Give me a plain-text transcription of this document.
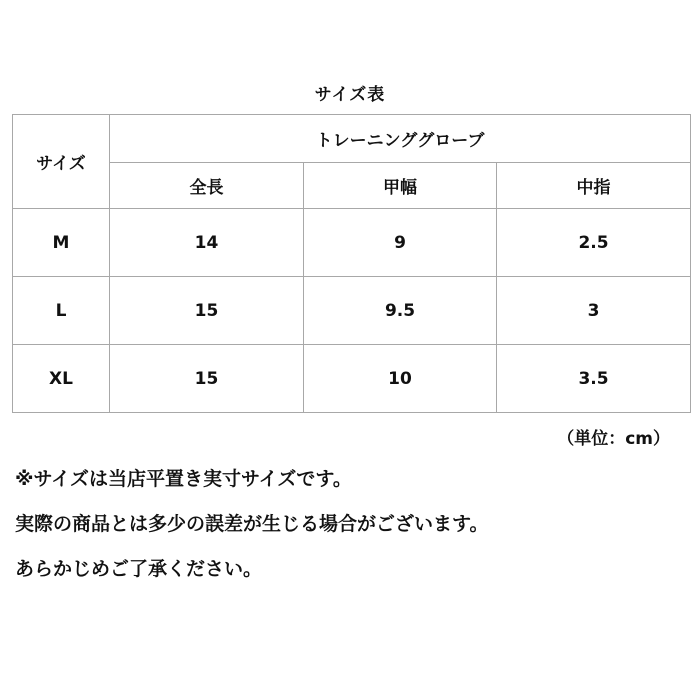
サイズ表
サイズ	トレーニンググローブ		
	全長	甲幅	中指
M	14	9	2.5
L	15	9.5	3
XL	15	10	3.5
（単位：cm）
※サイズは当店平置き実寸サイズです。
実際の商品とは多少の誤差が生じる場合がございます。
あらかじめご了承ください。
